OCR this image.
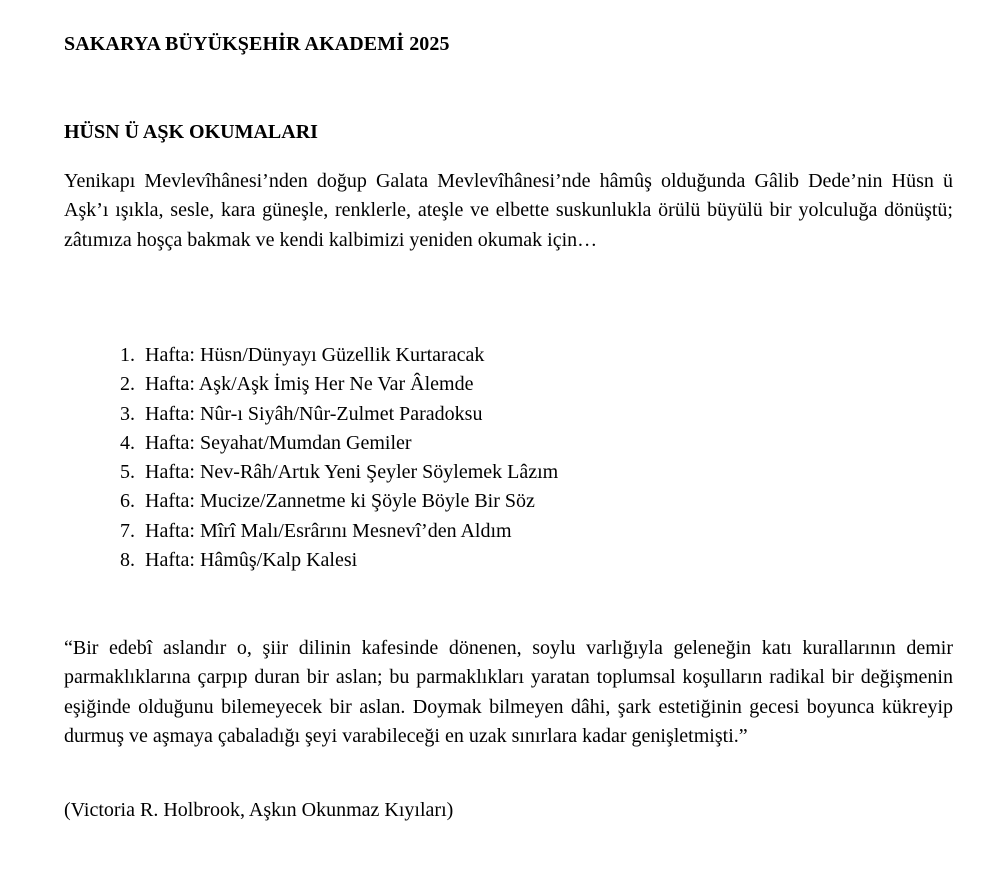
SAKARYA BÜYÜKŞEHİR AKADEMİ 2025
HÜSN Ü AŞK OKUMALARI

Yenikapı Mevlevîhânesi’nden doğup Galata Mevlevîhânesi’nde hâmûş olduğunda Gâlib Dede’nin Hüsn ü Aşk’ı ışıkla, sesle, kara güneşle, renklerle, ateşle ve elbette suskunlukla örülü büyülü bir yolculuğa dönüştü; zâtımıza hoşça bakmak ve kendi kalbimizi yeniden okumak için…

1. Hafta: Hüsn/Dünyayı Güzellik Kurtaracak
2. Hafta: Aşk/Aşk İmiş Her Ne Var Âlemde
3. Hafta: Nûr-ı Siyâh/Nûr-Zulmet Paradoksu
4. Hafta: Seyahat/Mumdan Gemiler
5. Hafta: Nev-Râh/Artık Yeni Şeyler Söylemek Lâzım
6. Hafta: Mucize/Zannetme ki Şöyle Böyle Bir Söz
7. Hafta: Mîrî Malı/Esrârını Mesnevî’den Aldım
8. Hafta: Hâmûş/Kalp Kalesi

“Bir edebî aslandır o, şiir dilinin kafesinde dönenen, soylu varlığıyla geleneğin katı kurallarının demir parmaklıklarına çarpıp duran bir aslan; bu parmaklıkları yaratan toplumsal koşulların radikal bir değişmenin eşiğinde olduğunu bilemeyecek bir aslan. Doymak bilmeyen dâhi, şark estetiğinin gecesi boyunca kükreyip durmuş ve aşmaya çabaladığı şeyi varabileceği en uzak sınırlara kadar genişletmişti.”

(Victoria R. Holbrook, Aşkın Okunmaz Kıyıları)
